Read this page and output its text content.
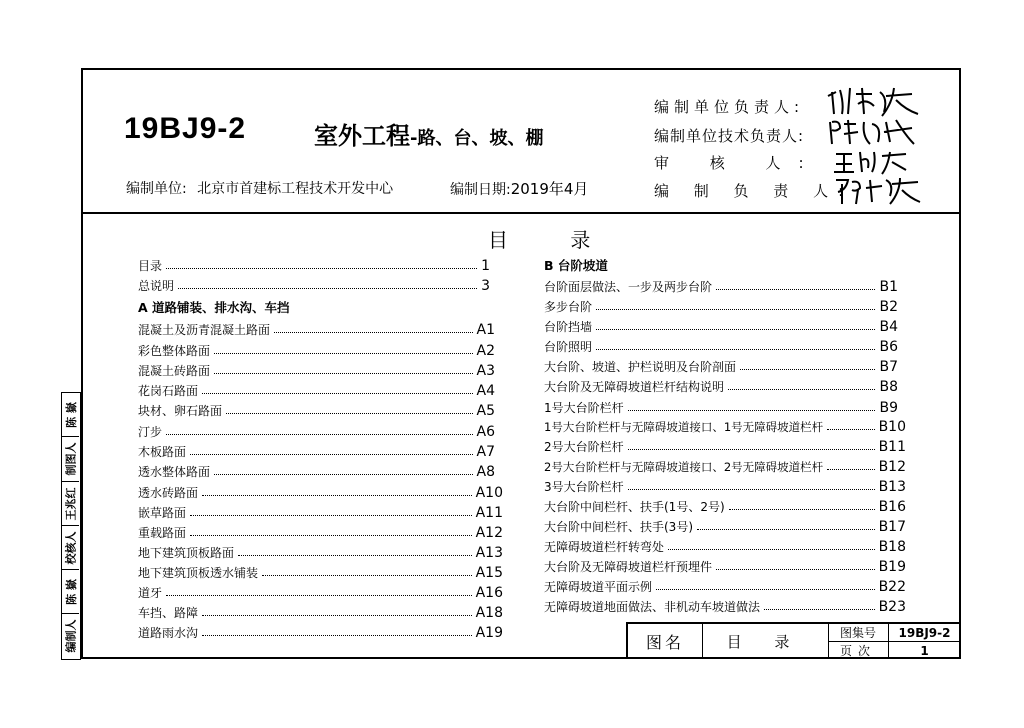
19BJ9-2	室外工程-路、台、坡、棚
编制单位: 北京市首建标工程技术开发中心	编制日期:2019年4月
编制单位负责人:
编制单位技术负责人:
审 核 人:
编 制 负 责 人:
目 录
目录	1
总说明	3
A 道路铺装、排水沟、车挡
混凝土及沥青混凝土路面	A1
彩色整体路面	A2
混凝土砖路面	A3
花岗石路面	A4
块材、卵石路面	A5
汀步	A6
木板路面	A7
透水整体路面	A8
透水砖路面	A10
嵌草路面	A11
重载路面	A12
地下建筑顶板路面	A13
地下建筑顶板透水铺装	A15
道牙	A16
车挡、路障	A18
道路雨水沟	A19
B 台阶坡道
台阶面层做法、一步及两步台阶	B1
多步台阶	B2
台阶挡墙	B4
台阶照明	B6
大台阶、坡道、护栏说明及台阶剖面	B7
大台阶及无障碍坡道栏杆结构说明	B8
1号大台阶栏杆	B9
1号大台阶栏杆与无障碍坡道接口、1号无障碍坡道栏杆	B10
2号大台阶栏杆	B11
2号大台阶栏杆与无障碍坡道接口、2号无障碍坡道栏杆	B12
3号大台阶栏杆	B13
大台阶中间栏杆、扶手(1号、2号)	B16
大台阶中间栏杆、扶手(3号)	B17
无障碍坡道栏杆转弯处	B18
大台阶及无障碍坡道栏杆预埋件	B19
无障碍坡道平面示例	B22
无障碍坡道地面做法、非机动车坡道做法	B23
陈 嶽
制图人
王兆红
校核人
陈 嶽
编制人	图名	目 录	图集号	19BJ9-2
页次	1
